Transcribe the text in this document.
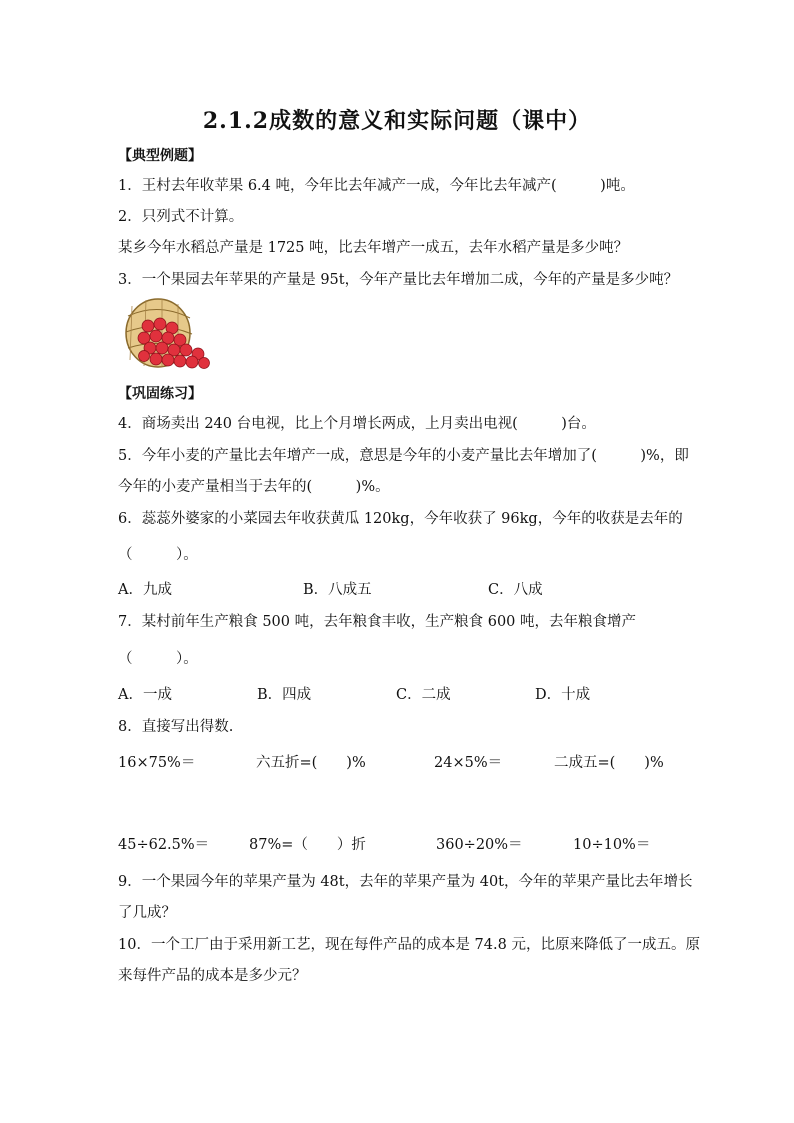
2.1.2成数的意义和实际问题（课中）
【典型例题】
1．王村去年收苹果 6.4 吨，今年比去年减产一成，今年比去年减产(　　　)吨。
2．只列式不计算。
某乡今年水稻总产量是 1725 吨，比去年增产一成五，去年水稻产量是多少吨？
3．一个果园去年苹果的产量是 95t，今年产量比去年增加二成，今年的产量是多少吨？
【巩固练习】
4．商场卖出 240 台电视，比上个月增长两成，上月卖出电视(　　　)台。
5．今年小麦的产量比去年增产一成，意思是今年的小麦产量比去年增加了(　　　)%，即
今年的小麦产量相当于去年的(　　　)%。
6．蕊蕊外婆家的小菜园去年收获黄瓜 120kg，今年收获了 96kg，今年的收获是去年的
（　　　）。
A．九成	B．八成五	C．八成
7．某村前年生产粮食 500 吨，去年粮食丰收，生产粮食 600 吨，去年粮食增产
（　　　）。
A．一成	B．四成	C．二成	D．十成
8．直接写出得数.
16×75%＝	六五折=(　　)%	24×5%＝	二成五=(　　)%
45÷62.5%＝	87%=（　　）折	360÷20%＝	10÷10%＝
9．一个果园今年的苹果产量为 48t，去年的苹果产量为 40t，今年的苹果产量比去年增长
了几成？
10．一个工厂由于采用新工艺，现在每件产品的成本是 74.8 元，比原来降低了一成五。原
来每件产品的成本是多少元？
